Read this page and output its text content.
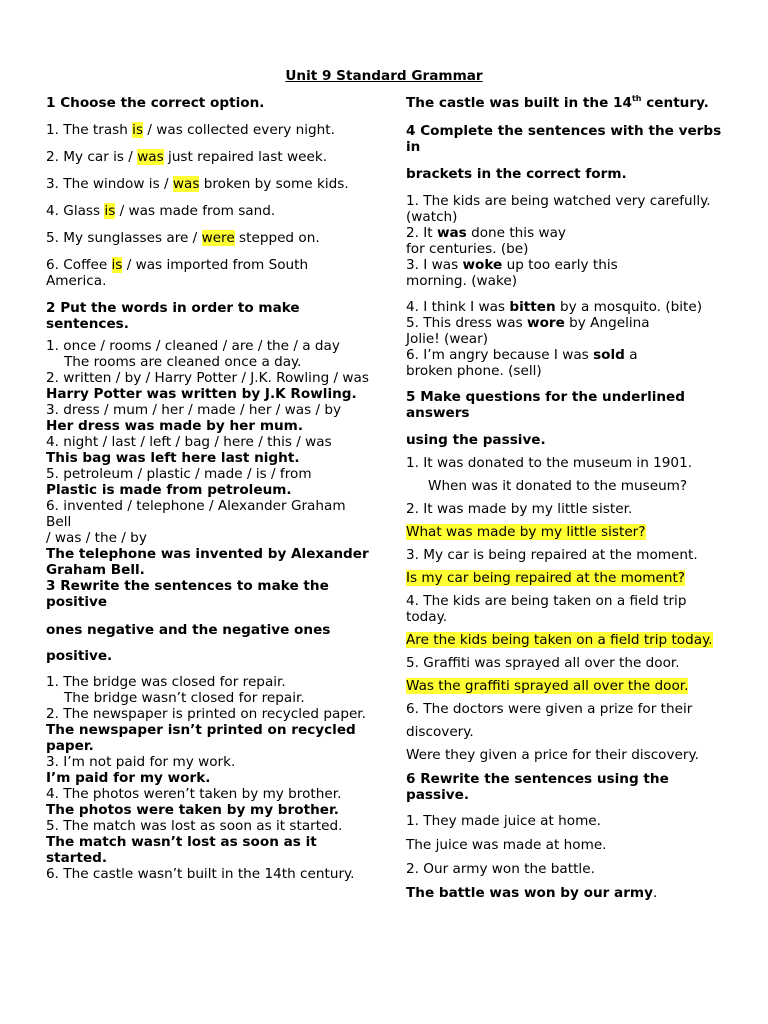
Unit 9 Standard Grammar

1 Choose the correct option.

1. The trash is / was collected every night.

2. My car is / was just repaired last week.

3. The window is / was broken by some kids.

4. Glass is / was made from sand.

5. My sunglasses are / were stepped on.

6. Coffee is / was imported from South America.

2 Put the words in order to make sentences.

1. once / rooms / cleaned / are / the / a day

The rooms are cleaned once a day.

2. written / by / Harry Potter / J.K. Rowling / was

Harry Potter was written by J.K Rowling.

3. dress / mum / her / made / her / was / by

Her dress was made by her mum.

4. night / last / left / bag / here / this / was

This bag was left here last night.

5. petroleum / plastic / made / is / from

Plastic is made from petroleum.

6. invented / telephone / Alexander Graham Bell

/ was / the / by

The telephone was invented by Alexander Graham Bell.

3 Rewrite the sentences to make the positive

ones negative and the negative ones

positive.

1. The bridge was closed for repair.

The bridge wasn’t closed for repair.

2. The newspaper is printed on recycled paper.

The newspaper isn’t printed on recycled paper.

3. I’m not paid for my work.

I’m paid for my work.

4. The photos weren’t taken by my brother.

The photos were taken by my brother.

5. The match was lost as soon as it started.

The match wasn’t lost as soon as it started.

6. The castle wasn’t built in the 14th century.

The castle was built in the 14th century.

4 Complete the sentences with the verbs in

brackets in the correct form.

1. The kids are being watched very carefully.

(watch)

2. It was done this way

for centuries. (be)

3. I was woke up too early this

morning. (wake)

4. I think I was bitten by a mosquito. (bite)

5. This dress was wore by Angelina

Jolie! (wear)

6. I’m angry because I was sold a

broken phone. (sell)

5 Make questions for the underlined answers

using the passive.

1. It was donated to the museum in 1901.

When was it donated to the museum?

2. It was made by my little sister.

What was made by my little sister?

3. My car is being repaired at the moment.

Is my car being repaired at the moment?

4. The kids are being taken on a field trip today.

Are the kids being taken on a field trip today.

5. Graffiti was sprayed all over the door.

Was the graffiti sprayed all over the door.

6. The doctors were given a prize for their

discovery.

Were they given a price for their discovery.

6 Rewrite the sentences using the passive.

1. They made juice at home.

The juice was made at home.

2. Our army won the battle.

The battle was won by our army.
